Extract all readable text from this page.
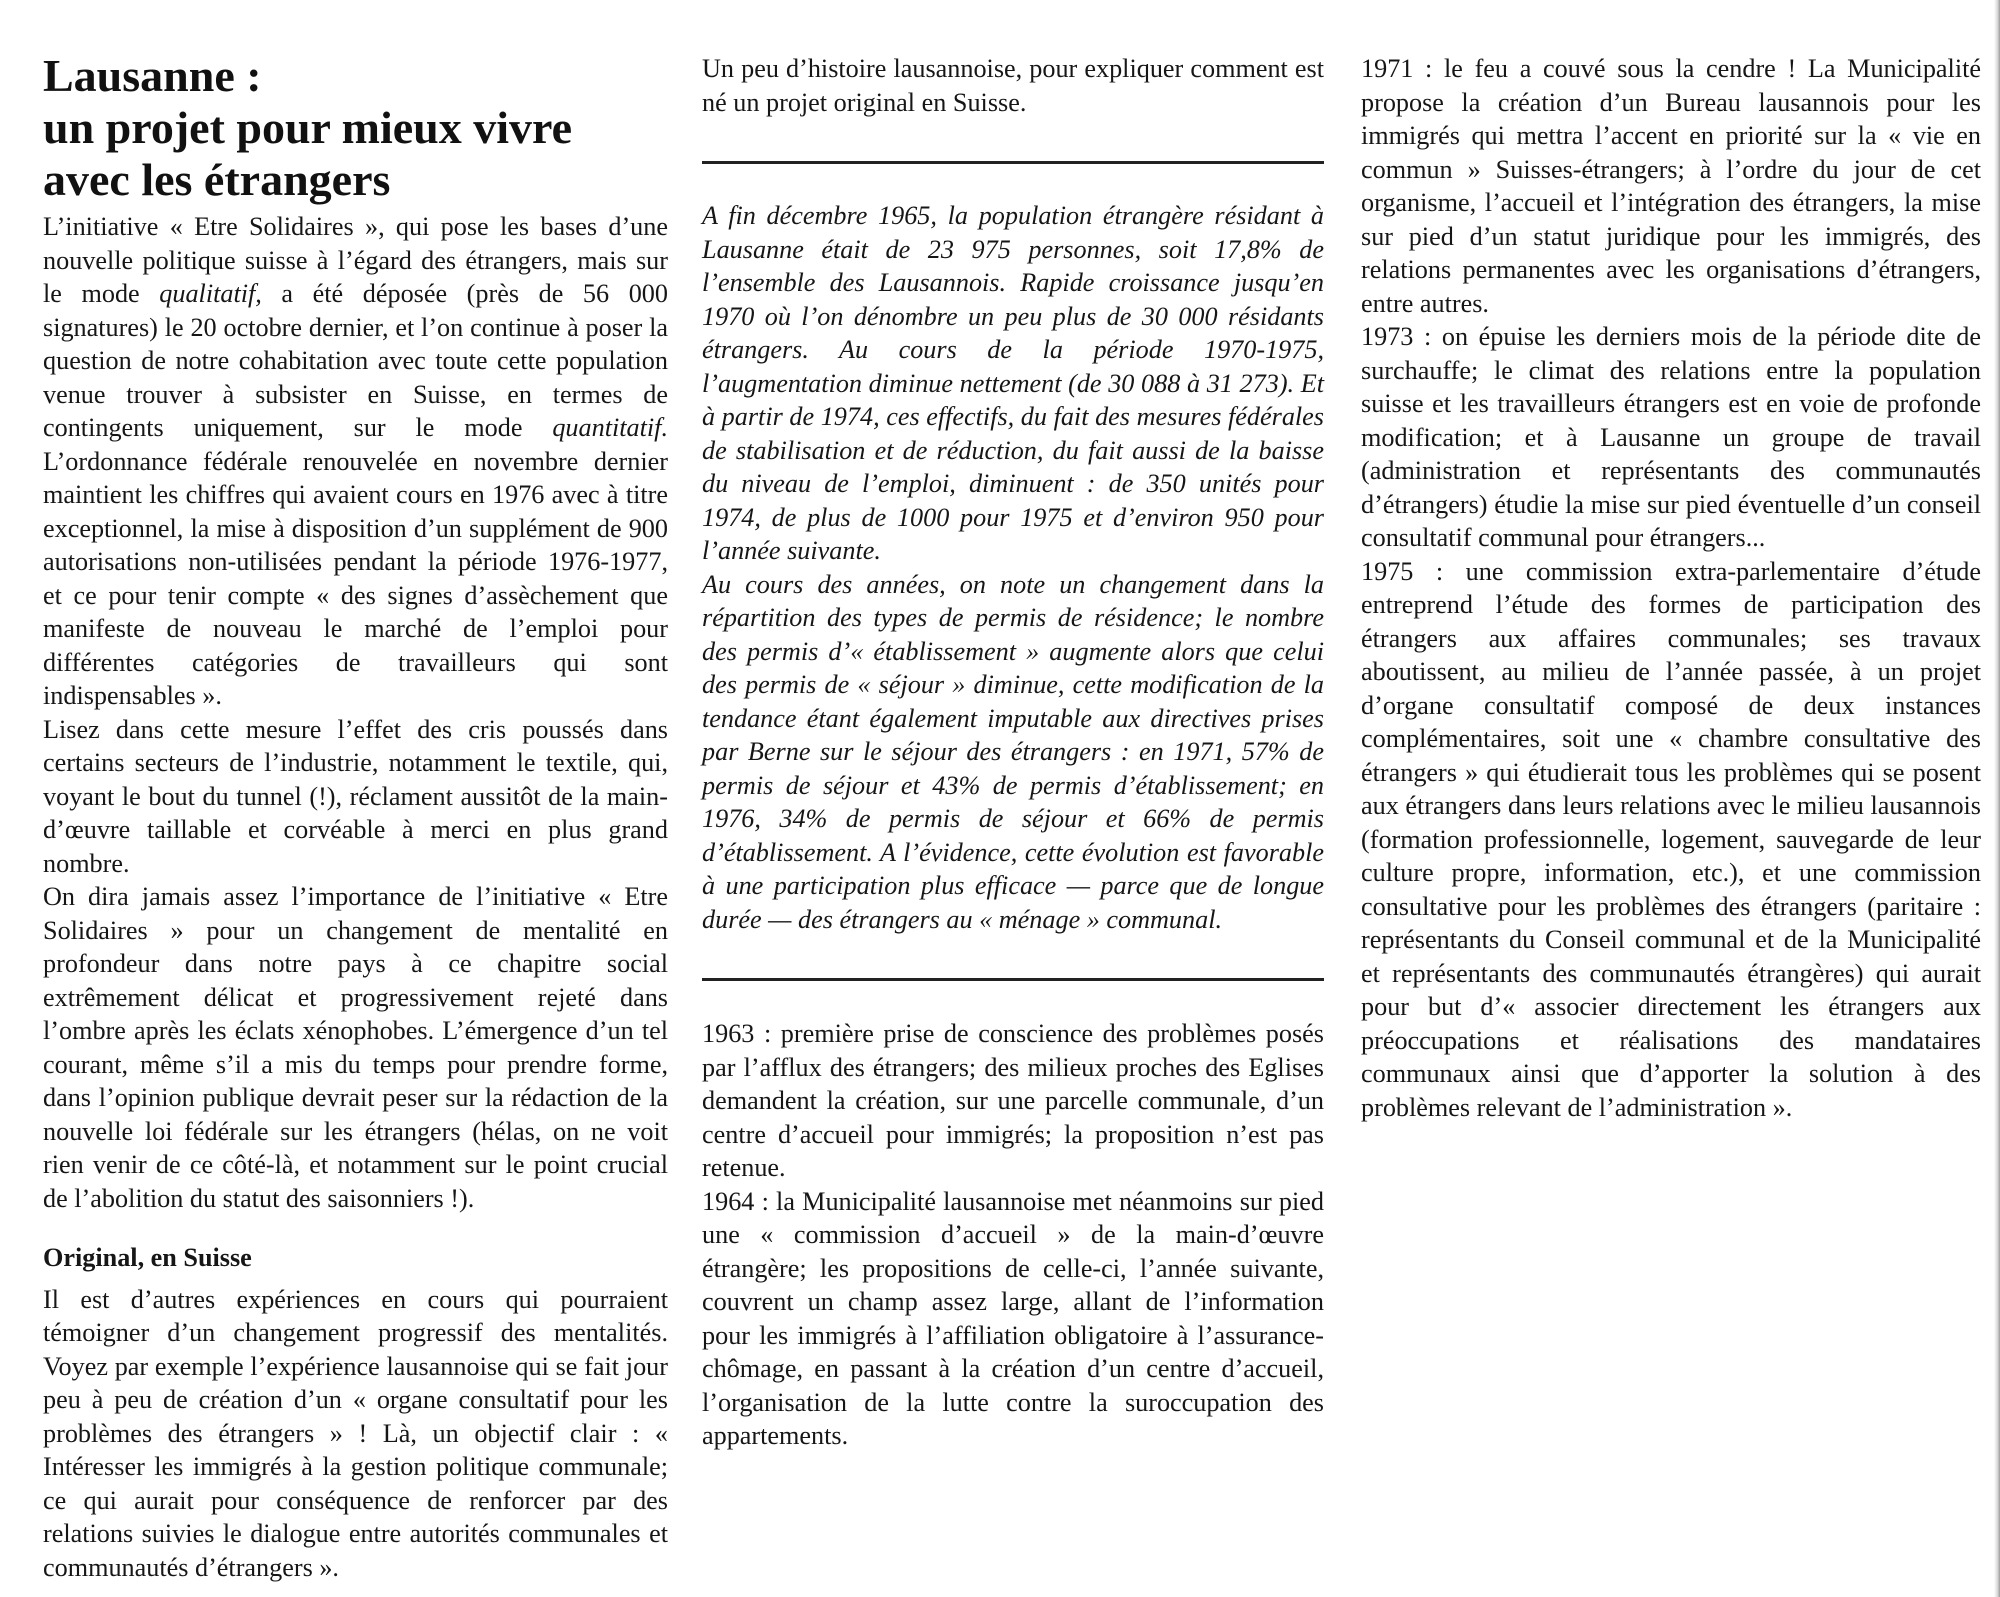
Lausanne :
un projet pour mieux vivre
avec les étrangers

L’initiative « Etre Solidaires », qui pose les bases d’une nouvelle politique suisse à l’égard des étrangers, mais sur le mode qualitatif, a été déposée (près de 56 000 signatures) le 20 octobre dernier, et l’on continue à poser la question de notre cohabitation avec toute cette population venue trouver à subsister en Suisse, en termes de contingents uniquement, sur le mode quantitatif. L’ordonnance fédérale renouvelée en novembre dernier maintient les chiffres qui avaient cours en 1976 avec à titre exceptionnel, la mise à disposition d’un supplément de 900 autorisations non-utilisées pendant la période 1976-1977, et ce pour tenir compte « des signes d’assèchement que manifeste de nouveau le marché de l’emploi pour différentes catégories de travailleurs qui sont indispensables ».

Lisez dans cette mesure l’effet des cris poussés dans certains secteurs de l’industrie, notamment le textile, qui, voyant le bout du tunnel (!), réclament aussitôt de la main-d’œuvre taillable et corvéable à merci en plus grand nombre.

On dira jamais assez l’importance de l’initiative « Etre Solidaires » pour un changement de mentalité en profondeur dans notre pays à ce chapitre social extrêmement délicat et progressivement rejeté dans l’ombre après les éclats xénophobes. L’émergence d’un tel courant, même s’il a mis du temps pour prendre forme, dans l’opinion publique devrait peser sur la rédaction de la nouvelle loi fédérale sur les étrangers (hélas, on ne voit rien venir de ce côté-là, et notamment sur le point crucial de l’abolition du statut des saisonniers !).

Original, en Suisse

Il est d’autres expériences en cours qui pourraient témoigner d’un changement progressif des mentalités. Voyez par exemple l’expérience lausannoise qui se fait jour peu à peu de création d’un « organe consultatif pour les problèmes des étrangers » ! Là, un objectif clair : « Intéresser les immigrés à la gestion politique communale; ce qui aurait pour conséquence de renforcer par des relations suivies le dialogue entre autorités communales et communautés d’étrangers ».

Un peu d’histoire lausannoise, pour expliquer comment est né un projet original en Suisse.

A fin décembre 1965, la population étrangère résidant à Lausanne était de 23 975 personnes, soit 17,8% de l’ensemble des Lausannois. Rapide croissance jusqu’en 1970 où l’on dénombre un peu plus de 30 000 résidants étrangers. Au cours de la période 1970-1975, l’augmentation diminue nettement (de 30 088 à 31 273). Et à partir de 1974, ces effectifs, du fait des mesures fédérales de stabilisation et de réduction, du fait aussi de la baisse du niveau de l’emploi, diminuent : de 350 unités pour 1974, de plus de 1000 pour 1975 et d’environ 950 pour l’année suivante.

Au cours des années, on note un changement dans la répartition des types de permis de résidence; le nombre des permis d’« établissement » augmente alors que celui des permis de « séjour » diminue, cette modification de la tendance étant également imputable aux directives prises par Berne sur le séjour des étrangers : en 1971, 57% de permis de séjour et 43% de permis d’établissement; en 1976, 34% de permis de séjour et 66% de permis d’établissement. A l’évidence, cette évolution est favorable à une participation plus efficace — parce que de longue durée — des étrangers au « ménage » communal.

1963 : première prise de conscience des problèmes posés par l’afflux des étrangers; des milieux proches des Eglises demandent la création, sur une parcelle communale, d’un centre d’accueil pour immigrés; la proposition n’est pas retenue.

1964 : la Municipalité lausannoise met néanmoins sur pied une « commission d’accueil » de la main-d’œuvre étrangère; les propositions de celle-ci, l’année suivante, couvrent un champ assez large, allant de l’information pour les immigrés à l’affiliation obligatoire à l’assurance-chômage, en passant à la création d’un centre d’accueil, l’organisation de la lutte contre la suroccupation des appartements.

1971 : le feu a couvé sous la cendre ! La Municipalité propose la création d’un Bureau lausannois pour les immigrés qui mettra l’accent en priorité sur la « vie en commun » Suisses-étrangers; à l’ordre du jour de cet organisme, l’accueil et l’intégration des étrangers, la mise sur pied d’un statut juridique pour les immigrés, des relations permanentes avec les organisations d’étrangers, entre autres.

1973 : on épuise les derniers mois de la période dite de surchauffe; le climat des relations entre la population suisse et les travailleurs étrangers est en voie de profonde modification; et à Lausanne un groupe de travail (administration et représentants des communautés d’étrangers) étudie la mise sur pied éventuelle d’un conseil consultatif communal pour étrangers...

1975 : une commission extra-parlementaire d’étude entreprend l’étude des formes de participation des étrangers aux affaires communales; ses travaux aboutissent, au milieu de l’année passée, à un projet d’organe consultatif composé de deux instances complémentaires, soit une « chambre consultative des étrangers » qui étudierait tous les problèmes qui se posent aux étrangers dans leurs relations avec le milieu lausannois (formation professionnelle, logement, sauvegarde de leur culture propre, information, etc.), et une commission consultative pour les problèmes des étrangers (paritaire : représentants du Conseil communal et de la Municipalité et représentants des communautés étrangères) qui aurait pour but d’« associer directement les étrangers aux préoccupations et réalisations des mandataires communaux ainsi que d’apporter la solution à des problèmes relevant de l’administration ».
